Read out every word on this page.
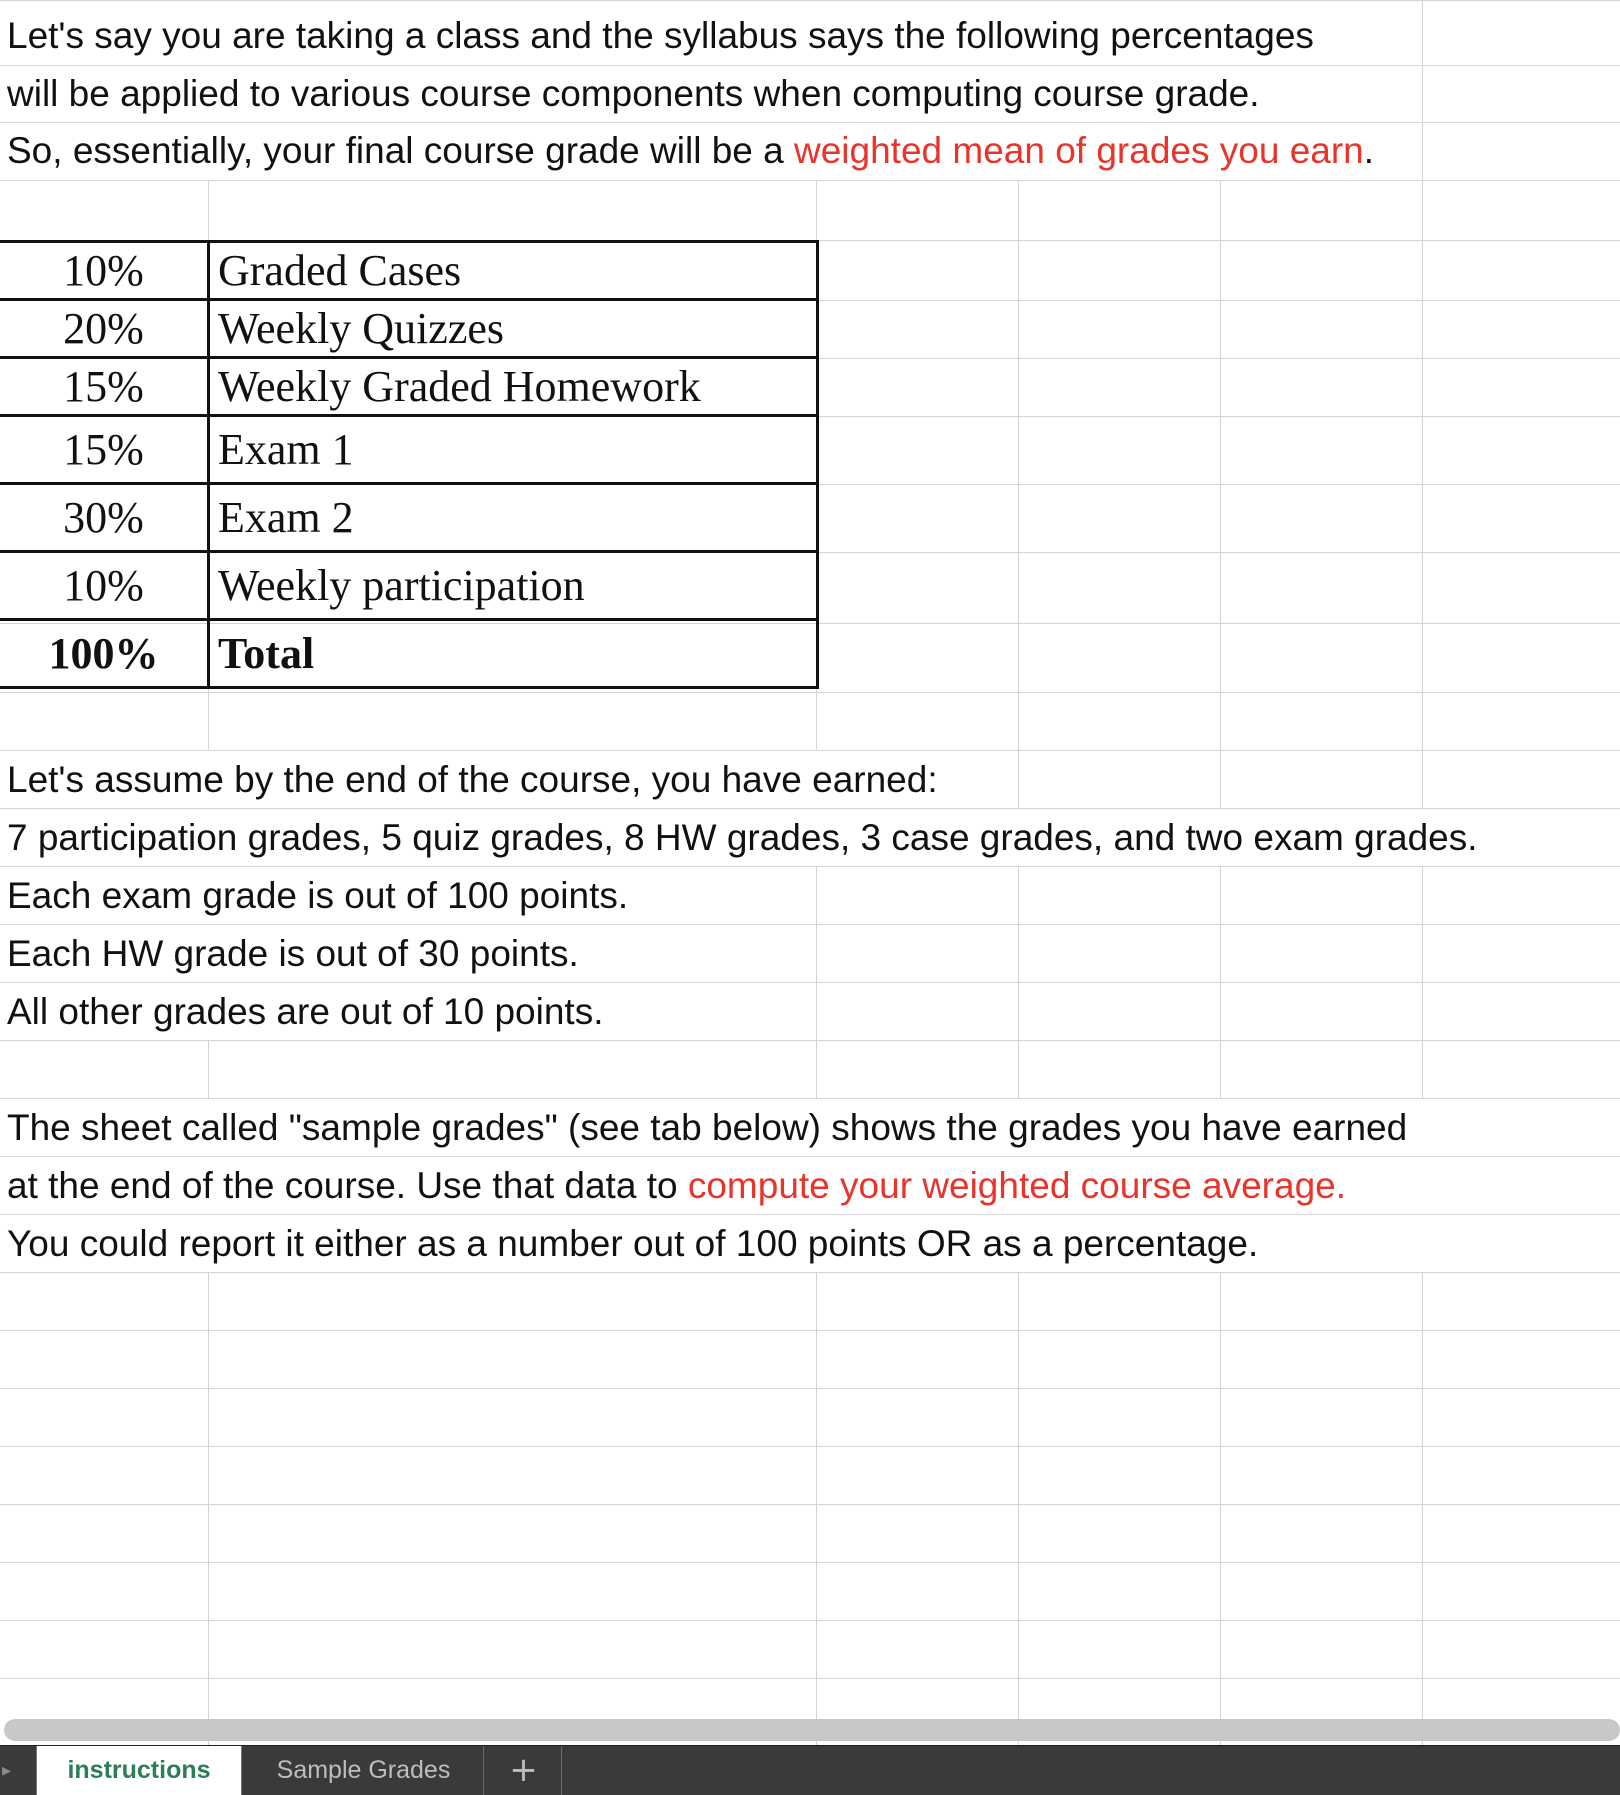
Let's say you are taking a class and the syllabus says the following percentages
will be applied to various course components when computing course grade.
So, essentially, your final course grade will be a weighted mean of grades you earn.
10%	Graded Cases
20%	Weekly Quizzes
15%	Weekly Graded Homework
15%	Exam 1
30%	Exam 2
10%	Weekly participation
100%	Total
Let's assume by the end of the course, you have earned:
7 participation grades, 5 quiz grades, 8 HW grades, 3 case grades, and two exam grades.
Each exam grade is out of 100 points.
Each HW grade is out of 30 points.
All other grades are out of 10 points.
The sheet called "sample grades" (see tab below) shows the grades you have earned
at the end of the course. Use that data to compute your weighted course average.
You could report it either as a number out of 100 points OR as a percentage.
▸	instructions	Sample Grades	+
